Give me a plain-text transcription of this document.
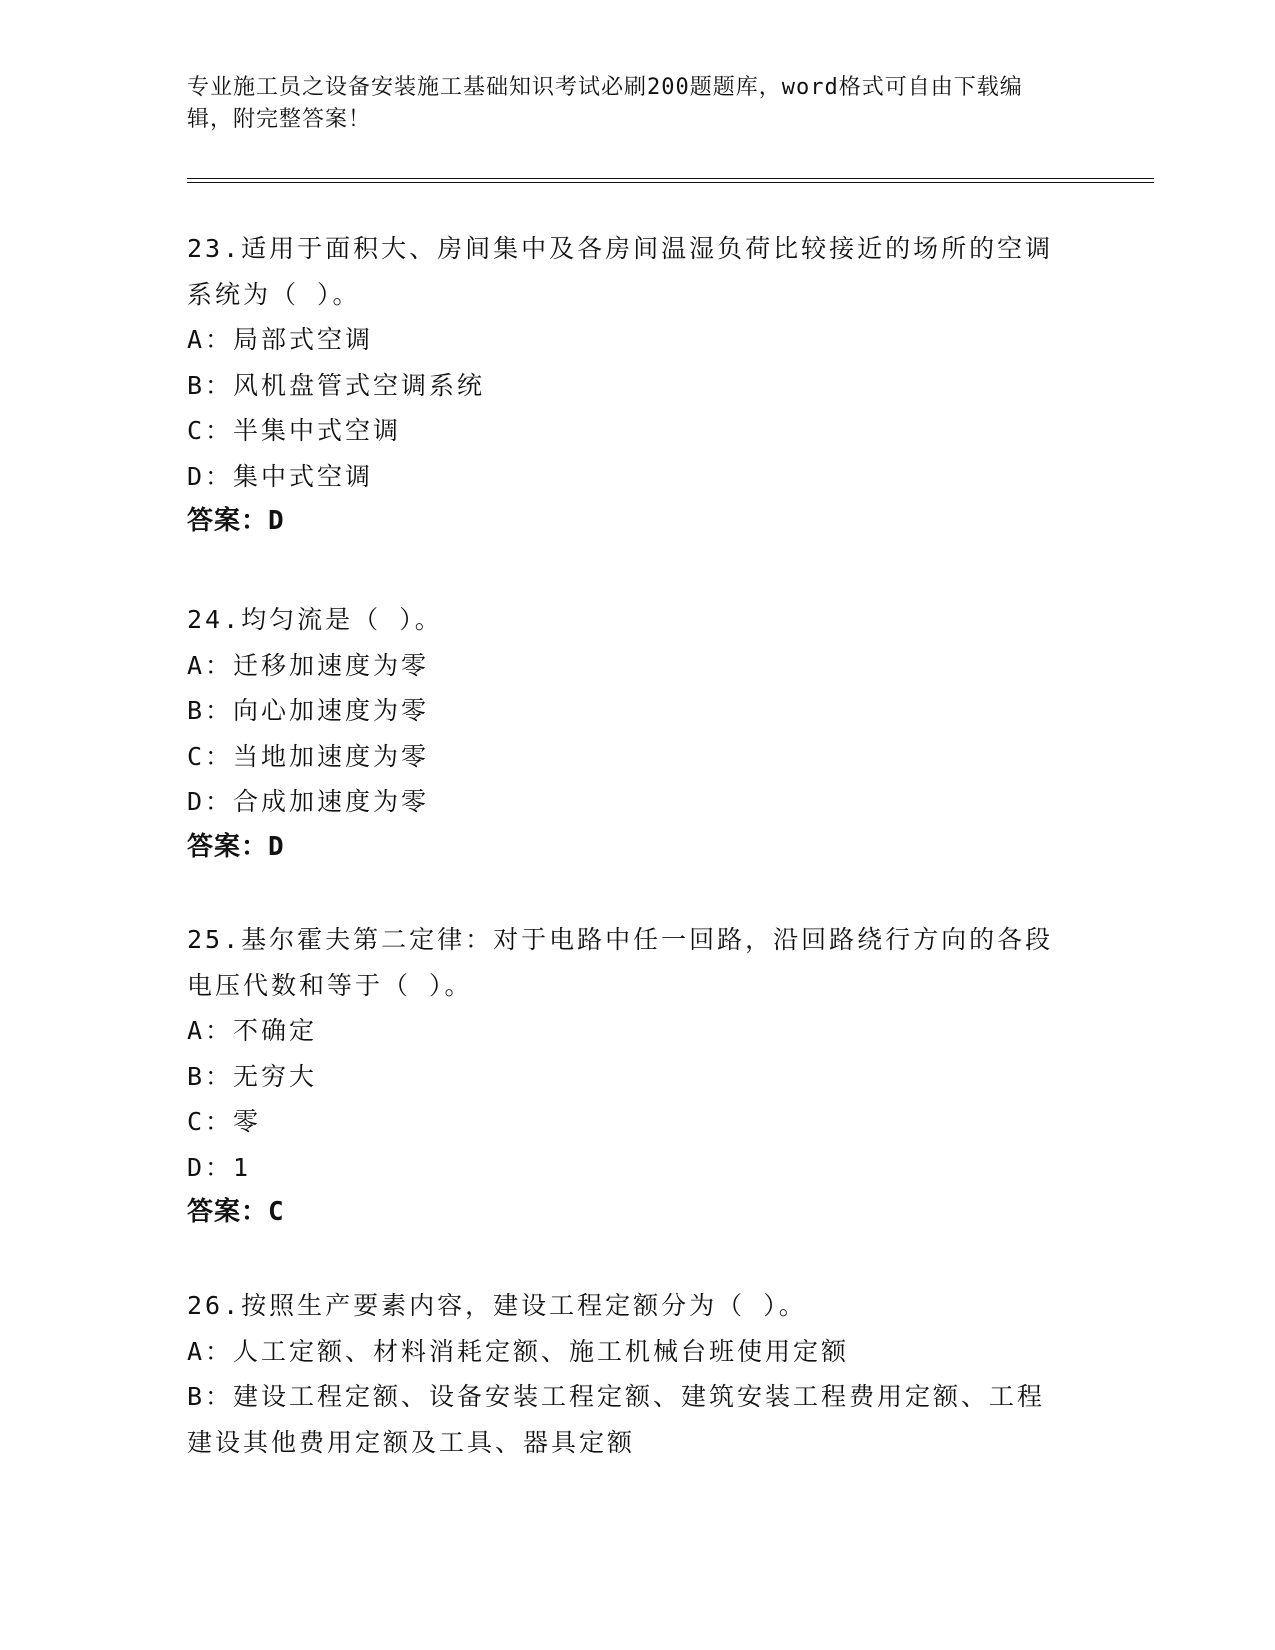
专业施工员之设备安装施工基础知识考试必刷200题题库，word格式可自由下载编辑，附完整答案！

23.适用于面积大、房间集中及各房间温湿负荷比较接近的场所的空调

系统为（ ）。

A：局部式空调

B：风机盘管式空调系统

C：半集中式空调

D：集中式空调

答案：D

24.均匀流是（ ）。

A：迁移加速度为零

B：向心加速度为零

C：当地加速度为零

D：合成加速度为零

答案：D

25.基尔霍夫第二定律：对于电路中任一回路，沿回路绕行方向的各段

电压代数和等于（ ）。

A：不确定

B：无穷大

C：零

D：1

答案：C

26.按照生产要素内容，建设工程定额分为（ ）。

A：人工定额、材料消耗定额、施工机械台班使用定额

B：建设工程定额、设备安装工程定额、建筑安装工程费用定额、工程

建设其他费用定额及工具、器具定额
